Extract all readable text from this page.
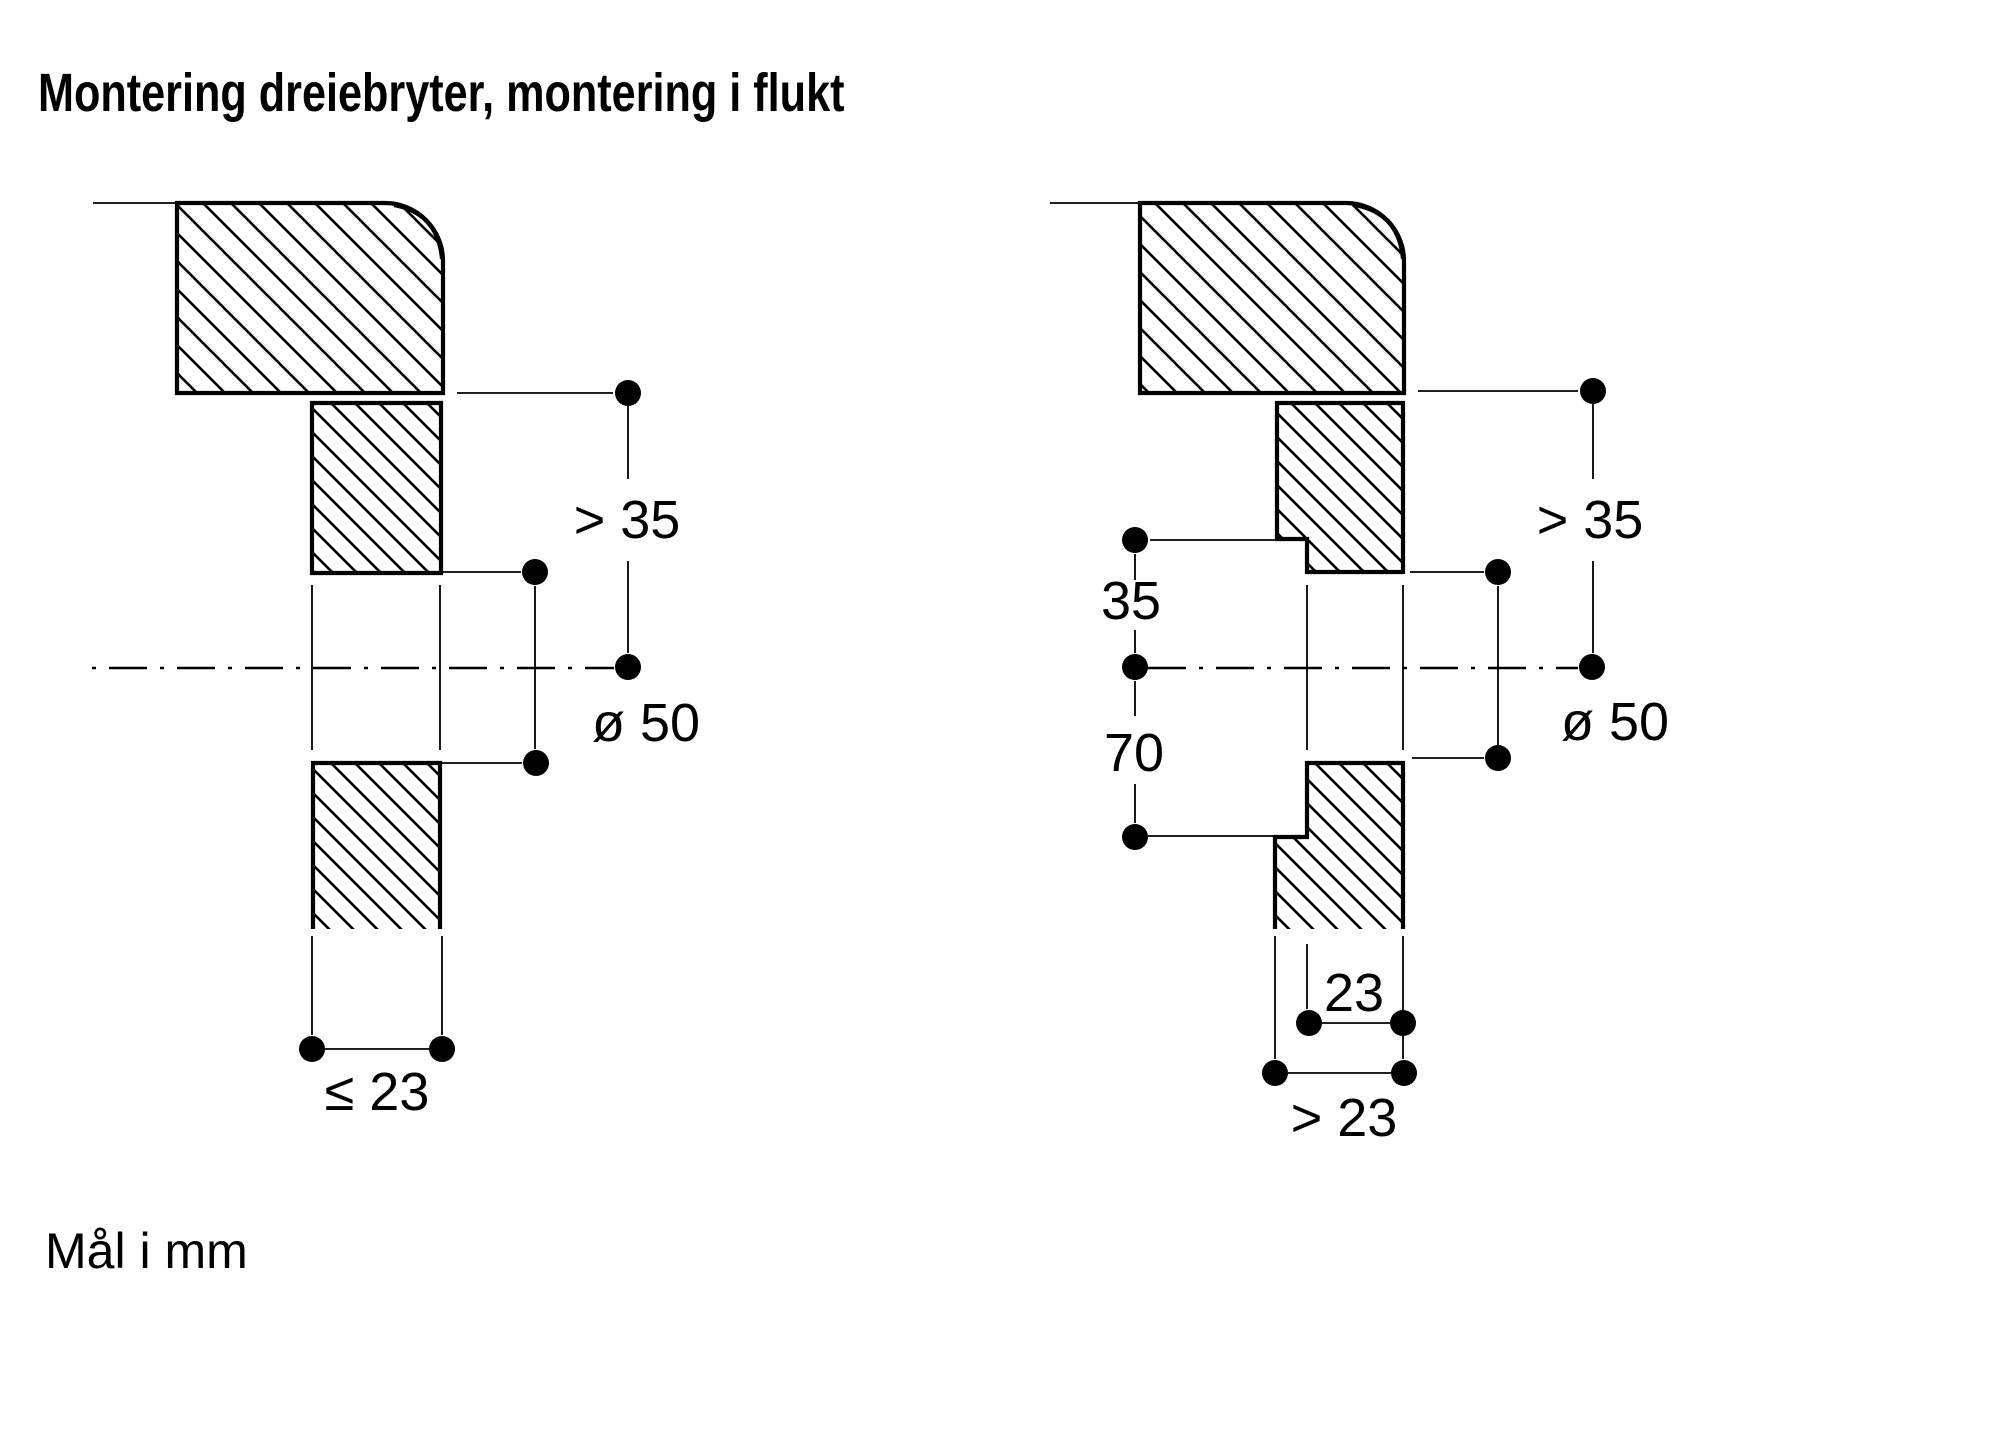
Montering dreiebryter, montering i flukt
> 35
ø 50
≤ 23
> 35
35
70
ø 50
23
> 23
Mål i mm
